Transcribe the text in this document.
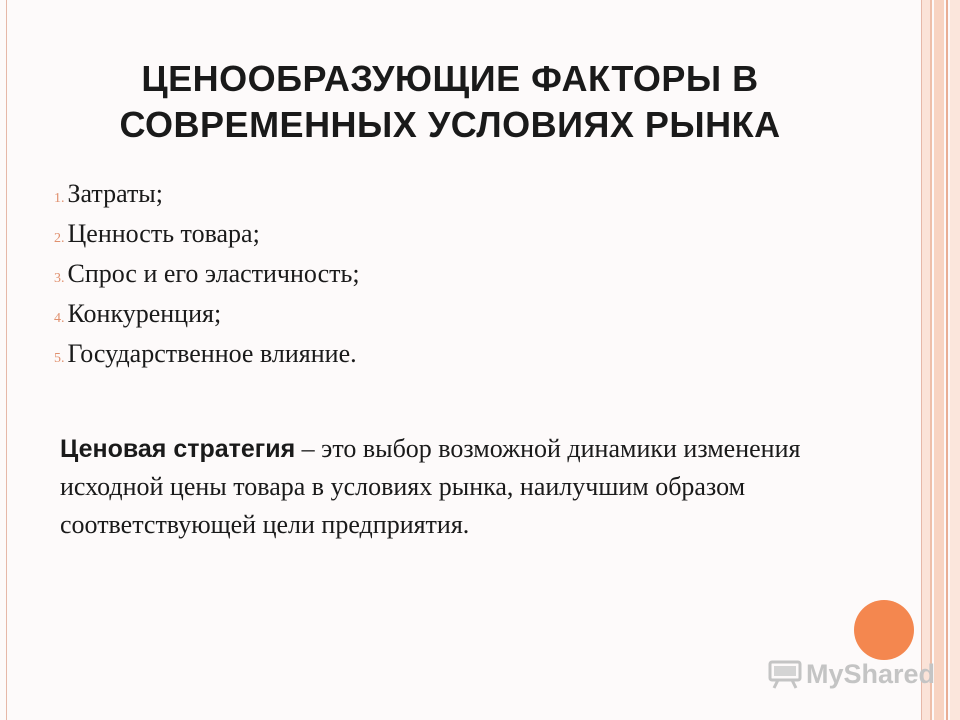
ЦЕНООБРАЗУЮЩИЕ ФАКТОРЫ В
СОВРЕМЕННЫХ УСЛОВИЯХ РЫНКА
1. Затраты;
2. Ценность товара;
3. Спрос и его эластичность;
4. Конкуренция;
5. Государственное влияние.

Ценовая стратегия – это выбор возможной динамики изменения исходной цены товара в условиях рынка, наилучшим образом соответствующей цели предприятия.

MyShared
